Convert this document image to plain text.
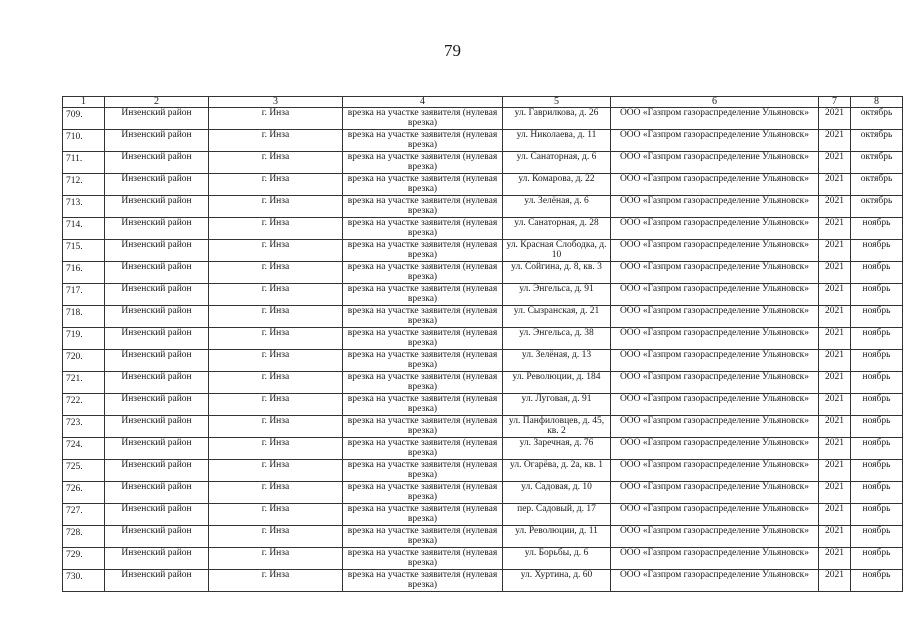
79
1	2	3	4	5	6	7	8

709.	Инзенский район	г. Инза	врезка на участке заявителя (нулевая врезка)	ул. Гаврилкова, д. 26	ООО «Газпром газораспределение Ульяновск»	2021	октябрь

710.	Инзенский район	г. Инза	врезка на участке заявителя (нулевая врезка)	ул. Николаева, д. 11	ООО «Газпром газораспределение Ульяновск»	2021	октябрь

711.	Инзенский район	г. Инза	врезка на участке заявителя (нулевая врезка)	ул. Санаторная, д. 6	ООО «Газпром газораспределение Ульяновск»	2021	октябрь

712.	Инзенский район	г. Инза	врезка на участке заявителя (нулевая врезка)	ул. Комарова, д. 22	ООО «Газпром газораспределение Ульяновск»	2021	октябрь

713.	Инзенский район	г. Инза	врезка на участке заявителя (нулевая врезка)	ул. Зелёная, д. 6	ООО «Газпром газораспределение Ульяновск»	2021	октябрь

714.	Инзенский район	г. Инза	врезка на участке заявителя (нулевая врезка)	ул. Санаторная, д. 28	ООО «Газпром газораспределение Ульяновск»	2021	ноябрь

715.	Инзенский район	г. Инза	врезка на участке заявителя (нулевая врезка)	ул. Красная Слободка, д. 10	ООО «Газпром газораспределение Ульяновск»	2021	ноябрь

716.	Инзенский район	г. Инза	врезка на участке заявителя (нулевая врезка)	ул. Сойгина, д. 8, кв. 3	ООО «Газпром газораспределение Ульяновск»	2021	ноябрь

717.	Инзенский район	г. Инза	врезка на участке заявителя (нулевая врезка)	ул. Энгельса, д. 91	ООО «Газпром газораспределение Ульяновск»	2021	ноябрь

718.	Инзенский район	г. Инза	врезка на участке заявителя (нулевая врезка)	ул. Сызранская, д. 21	ООО «Газпром газораспределение Ульяновск»	2021	ноябрь

719.	Инзенский район	г. Инза	врезка на участке заявителя (нулевая врезка)	ул. Энгельса, д. 38	ООО «Газпром газораспределение Ульяновск»	2021	ноябрь

720.	Инзенский район	г. Инза	врезка на участке заявителя (нулевая врезка)	ул. Зелёная, д. 13	ООО «Газпром газораспределение Ульяновск»	2021	ноябрь

721.	Инзенский район	г. Инза	врезка на участке заявителя (нулевая врезка)	ул. Революции, д. 184	ООО «Газпром газораспределение Ульяновск»	2021	ноябрь

722.	Инзенский район	г. Инза	врезка на участке заявителя (нулевая врезка)	ул. Луговая, д. 91	ООО «Газпром газораспределение Ульяновск»	2021	ноябрь

723.	Инзенский район	г. Инза	врезка на участке заявителя (нулевая врезка)	ул. Панфиловцев, д. 45, кв. 2	ООО «Газпром газораспределение Ульяновск»	2021	ноябрь

724.	Инзенский район	г. Инза	врезка на участке заявителя (нулевая врезка)	ул. Заречная, д. 76	ООО «Газпром газораспределение Ульяновск»	2021	ноябрь

725.	Инзенский район	г. Инза	врезка на участке заявителя (нулевая врезка)	ул. Огарёва, д. 2а, кв. 1	ООО «Газпром газораспределение Ульяновск»	2021	ноябрь

726.	Инзенский район	г. Инза	врезка на участке заявителя (нулевая врезка)	ул. Садовая, д. 10	ООО «Газпром газораспределение Ульяновск»	2021	ноябрь

727.	Инзенский район	г. Инза	врезка на участке заявителя (нулевая врезка)	пер. Садовый, д. 17	ООО «Газпром газораспределение Ульяновск»	2021	ноябрь

728.	Инзенский район	г. Инза	врезка на участке заявителя (нулевая врезка)	ул. Революции, д. 11	ООО «Газпром газораспределение Ульяновск»	2021	ноябрь

729.	Инзенский район	г. Инза	врезка на участке заявителя (нулевая врезка)	ул. Борьбы, д. 6	ООО «Газпром газораспределение Ульяновск»	2021	ноябрь

730.	Инзенский район	г. Инза	врезка на участке заявителя (нулевая врезка)	ул. Хуртина, д. 60	ООО «Газпром газораспределение Ульяновск»	2021	ноябрь
